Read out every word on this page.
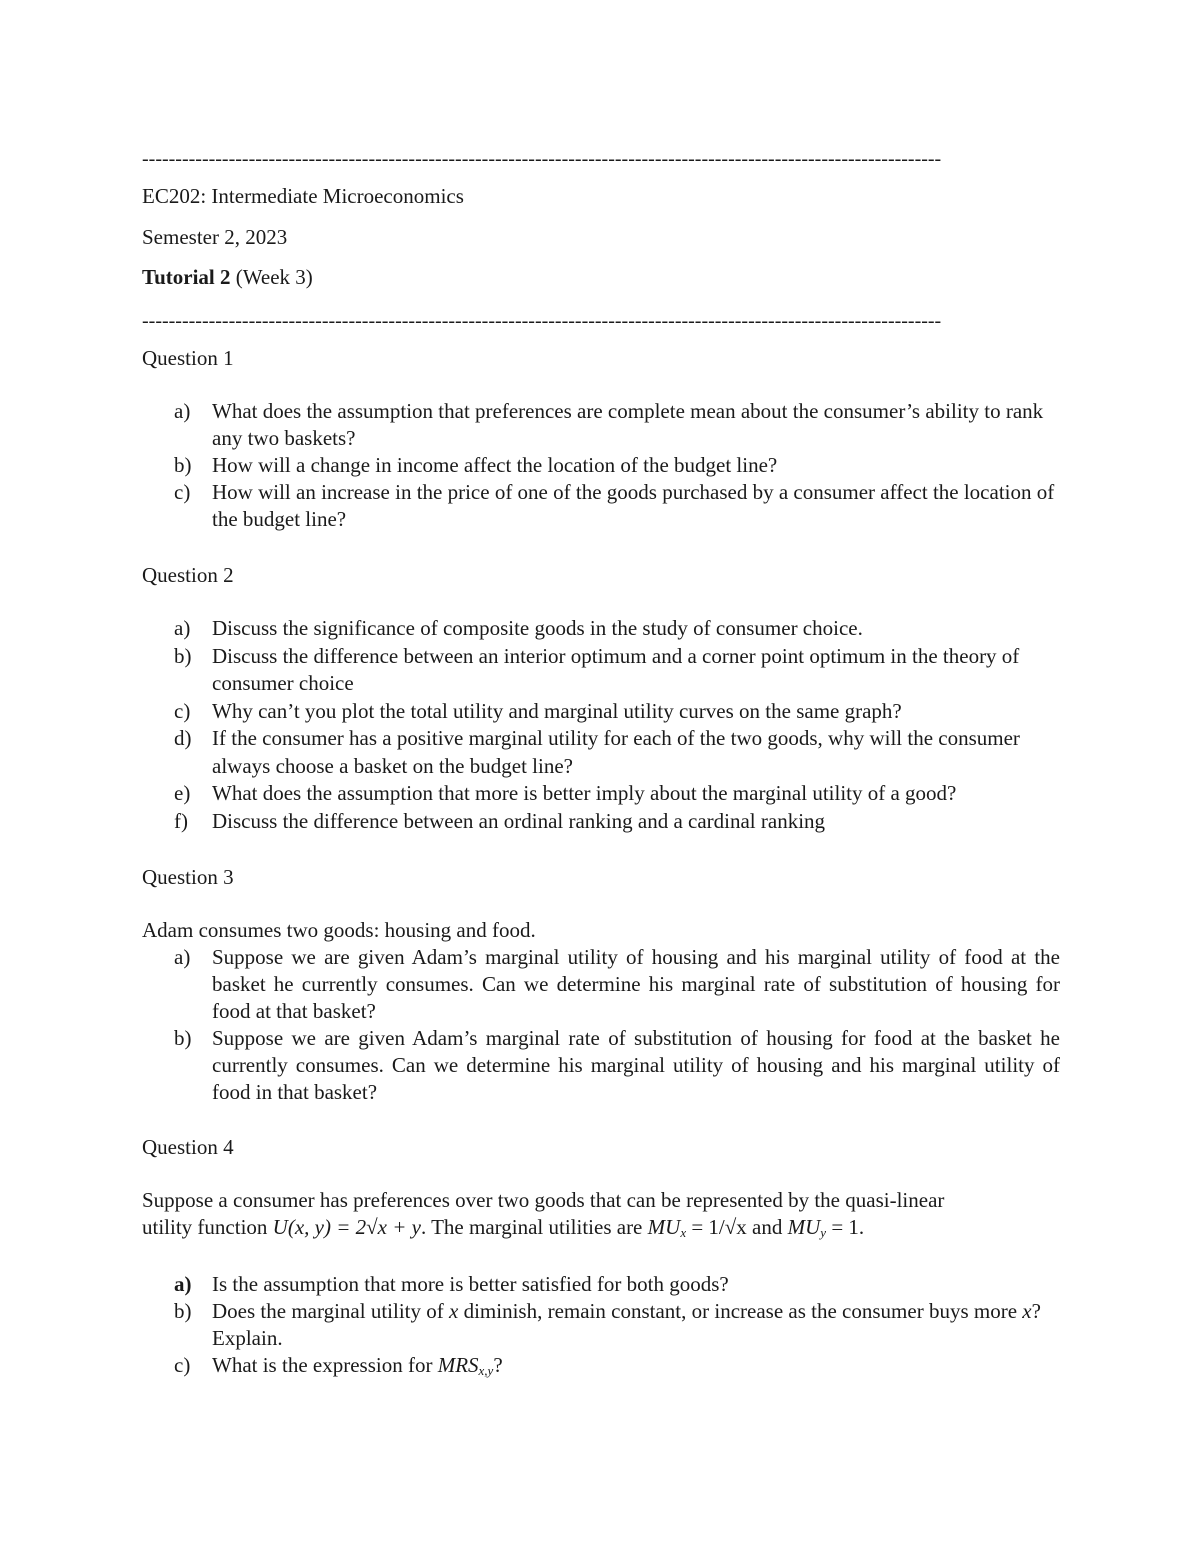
------------------------------------------------------------------------------------------------------------------------
EC202: Intermediate Microeconomics
Semester 2, 2023
Tutorial 2 (Week 3)
------------------------------------------------------------------------------------------------------------------------
Question 1
a) What does the assumption that preferences are complete mean about the consumer’s ability to rank any two baskets?
b) How will a change in income affect the location of the budget line?
c) How will an increase in the price of one of the goods purchased by a consumer affect the location of the budget line?
Question 2
a) Discuss the significance of composite goods in the study of consumer choice.
b) Discuss the difference between an interior optimum and a corner point optimum in the theory of consumer choice
c) Why can’t you plot the total utility and marginal utility curves on the same graph?
d) If the consumer has a positive marginal utility for each of the two goods, why will the consumer always choose a basket on the budget line?
e) What does the assumption that more is better imply about the marginal utility of a good?
f) Discuss the difference between an ordinal ranking and a cardinal ranking
Question 3
Adam consumes two goods: housing and food.
a) Suppose we are given Adam’s marginal utility of housing and his marginal utility of food at the basket he currently consumes. Can we determine his marginal rate of substitution of housing for food at that basket?
b) Suppose we are given Adam’s marginal rate of substitution of housing for food at the basket he currently consumes. Can we determine his marginal utility of housing and his marginal utility of food in that basket?
Question 4
Suppose a consumer has preferences over two goods that can be represented by the quasi-linear
utility function U(x, y) = 2√x + y. The marginal utilities are $MU_x = 1/√x$ and $MU_y = 1$.
a) Is the assumption that more is better satisfied for both goods?
b) Does the marginal utility of x diminish, remain constant, or increase as the consumer buys more x? Explain.
c) What is the expression for $MRS_{x,y}$?
